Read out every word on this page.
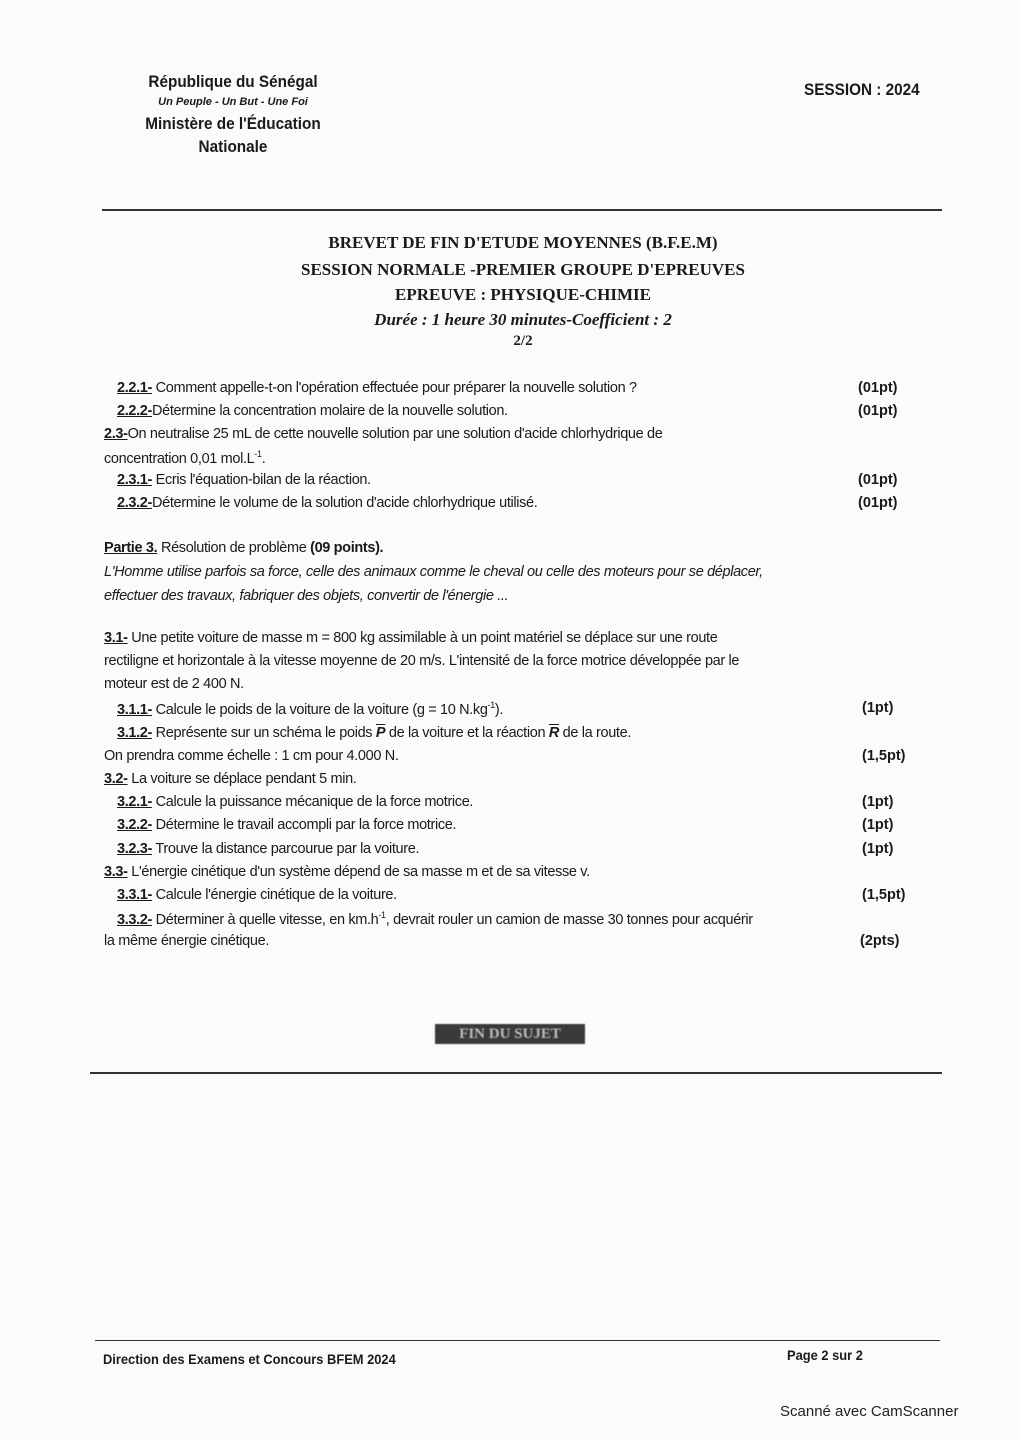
République du Sénégal
Un Peuple - Un But - Une Foi
Ministère de l'Éducation
Nationale
SESSION : 2024
BREVET DE FIN D'ETUDE MOYENNES (B.F.E.M)
SESSION NORMALE -PREMIER GROUPE D'EPREUVES
EPREUVE : PHYSIQUE-CHIMIE
Durée : 1 heure 30 minutes-Coefficient : 2
2/2
2.2.1- Comment appelle-t-on l'opération effectuée pour préparer la nouvelle solution ?	(01pt)
2.2.2-Détermine la concentration molaire de la nouvelle solution.	(01pt)
2.3-On neutralise 25 mL de cette nouvelle solution par une solution d'acide chlorhydrique de
concentration 0,01 $mol.L^{-1}$.
2.3.1- Ecris l'équation-bilan de la réaction.	(01pt)
2.3.2-Détermine le volume de la solution d'acide chlorhydrique utilisé.	(01pt)
Partie 3. Résolution de problème (09 points).
L'Homme utilise parfois sa force, celle des animaux comme le cheval ou celle des moteurs pour se déplacer,
effectuer des travaux, fabriquer des objets, convertir de l'énergie ...
3.1- Une petite voiture de masse m = 800 kg assimilable à un point matériel se déplace sur une route
rectiligne et horizontale à la vitesse moyenne de 20 m/s. L'intensité de la force motrice développée par le
moteur est de 2 400 N.
3.1.1- Calcule le poids de la voiture de la voiture (g = 10 $N.kg^{-1}$).	(1pt)
3.1.2- Représente sur un schéma le poids $\overline{P}$ de la voiture et la réaction $\overline{R}$ de la route.
On prendra comme échelle : 1 cm pour 4.000 N.	(1,5pt)
3.2- La voiture se déplace pendant 5 min.
3.2.1- Calcule la puissance mécanique de la force motrice.	(1pt)
3.2.2- Détermine le travail accompli par la force motrice.	(1pt)
3.2.3- Trouve la distance parcourue par la voiture.	(1pt)
3.3- L'énergie cinétique d'un système dépend de sa masse m et de sa vitesse v.
3.3.1- Calcule l'énergie cinétique de la voiture.	(1,5pt)
3.3.2- Déterminer à quelle vitesse, en $km.h^{-1}$, devrait rouler un camion de masse 30 tonnes pour acquérir
la même énergie cinétique.	(2pts)
FIN DU SUJET
Direction des Examens et Concours BFEM 2024	Page 2 sur 2
Scanné avec CamScanner
